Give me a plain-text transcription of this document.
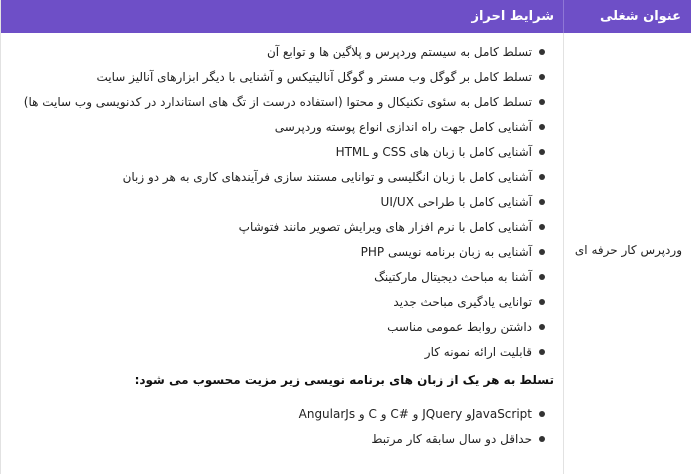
عنوان شغلی
شرایط احراز
وردپرس کار حرفه ای
تسلط کامل به سیستم وردپرس و پلاگین ها و توابع آن
تسلط کامل بر گوگل وب مستر و گوگل آنالیتیکس و آشنایی با دیگر ابزارهای آنالیز سایت
تسلط کامل به سئوی تکنیکال و محتوا (استفاده درست از تگ های استاندارد در کدنویسی وب سایت ها)
آشنایی کامل جهت راه اندازی انواع پوسته وردپرسی
آشنایی کامل با زبان های CSS و HTML
آشنایی کامل با زبان انگلیسی و توانایی مستند سازی فرآیندهای کاری به هر دو زبان
آشنایی کامل با طراحی UI/UX
آشنایی کامل با نرم افزار های ویرایش تصویر مانند فتوشاپ
آشنایی به زبان برنامه نویسی PHP
آشنا به مباحث دیجیتال مارکتینگ
توانایی یادگیری مباحث جدید
داشتن روابط عمومی مناسب
قابلیت ارائه نمونه کار
تسلط به هر یک از زبان های برنامه نویسی زیر مزیت محسوب می شود:
JavaScriptو JQuery و #C و C و AngularJs
حداقل دو سال سابقه کار مرتبط
